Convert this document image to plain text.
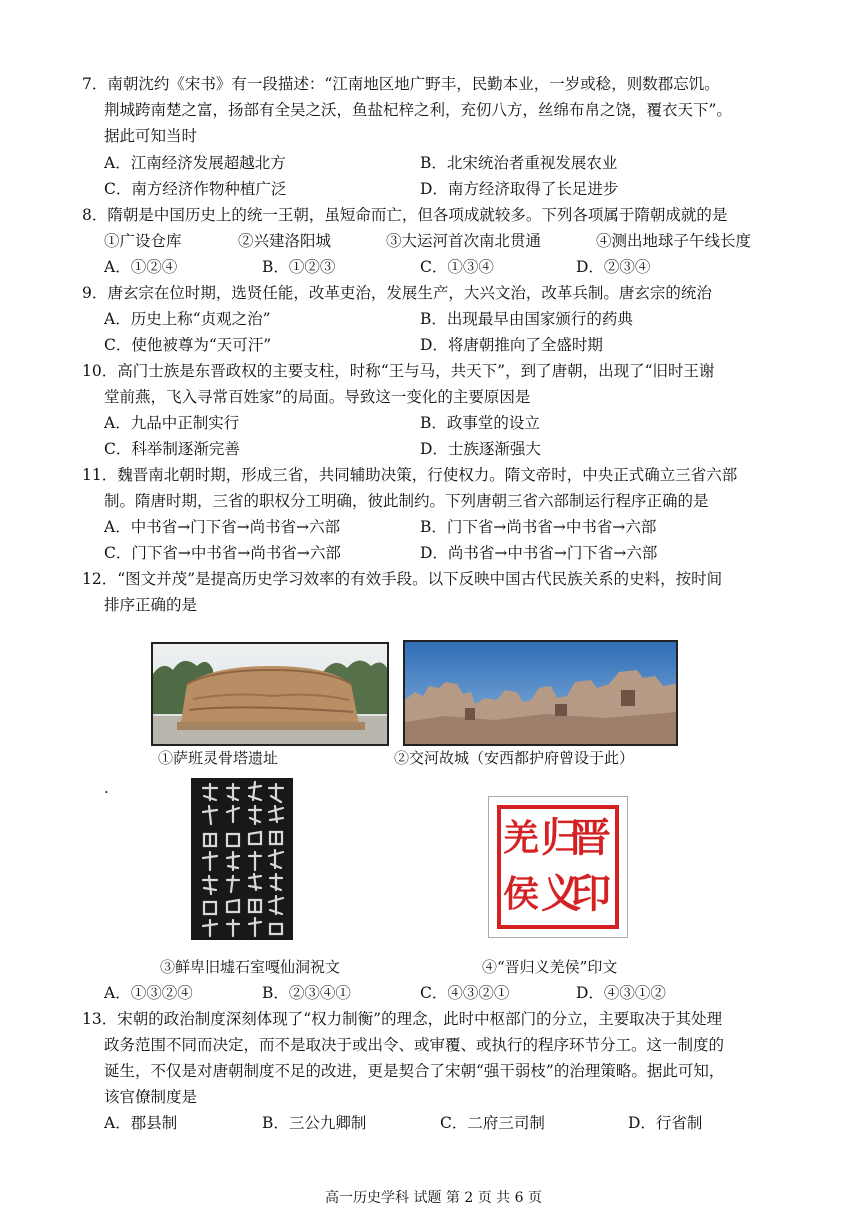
7．南朝沈约《宋书》有一段描述：“江南地区地广野丰，民勤本业，一岁或稔，则数郡忘饥。
荆城跨南楚之富，扬部有全吴之沃，鱼盐杞梓之利，充仞八方，丝绵布帛之饶，覆衣天下”。
据此可知当时
A．江南经济发展超越北方	B．北宋统治者重视发展农业
C．南方经济作物种植广泛	D．南方经济取得了长足进步
8．隋朝是中国历史上的统一王朝，虽短命而亡，但各项成就较多。下列各项属于隋朝成就的是
①广设仓库	②兴建洛阳城	③大运河首次南北贯通	④测出地球子午线长度
A．①②④	B．①②③	C．①③④	D．②③④
9．唐玄宗在位时期，选贤任能，改革吏治，发展生产，大兴文治，改革兵制。唐玄宗的统治
A．历史上称“贞观之治”	B．出现最早由国家颁行的药典
C．使他被尊为“天可汗”	D．将唐朝推向了全盛时期
10．高门士族是东晋政权的主要支柱，时称“王与马，共天下”，到了唐朝，出现了“旧时王谢
堂前燕，飞入寻常百姓家”的局面。导致这一变化的主要原因是
A．九品中正制实行	B．政事堂的设立
C．科举制逐渐完善	D．士族逐渐强大
11．魏晋南北朝时期，形成三省，共同辅助决策，行使权力。隋文帝时，中央正式确立三省六部
制。隋唐时期，三省的职权分工明确，彼此制约。下列唐朝三省六部制运行程序正确的是
A．中书省→门下省→尚书省→六部	B．门下省→尚书省→中书省→六部
C．门下省→中书省→尚书省→六部	D．尚书省→中书省→门下省→六部
12．“图文并茂”是提高历史学习效率的有效手段。以下反映中国古代民族关系的史料，按时间
排序正确的是
①萨班灵骨塔遗址	②交河故城（安西都护府曾设于此）
.
③鲜卑旧墟石室嘎仙洞祝文
晋
归
义
羌
侯 印
④“晋归义羌侯”印文
A．①③②④	B．②③④①	C．④③②①	D．④③①②
13．宋朝的政治制度深刻体现了“权力制衡”的理念，此时中枢部门的分立，主要取决于其处理
政务范围不同而决定，而不是取决于或出令、或审覆、或执行的程序环节分工。这一制度的
诞生，不仅是对唐朝制度不足的改进，更是契合了宋朝“强干弱枝”的治理策略。据此可知，
该官僚制度是
A．郡县制	B．三公九卿制	C．二府三司制	D．行省制
高一历史学科 试题 第 2 页 共 6 页
